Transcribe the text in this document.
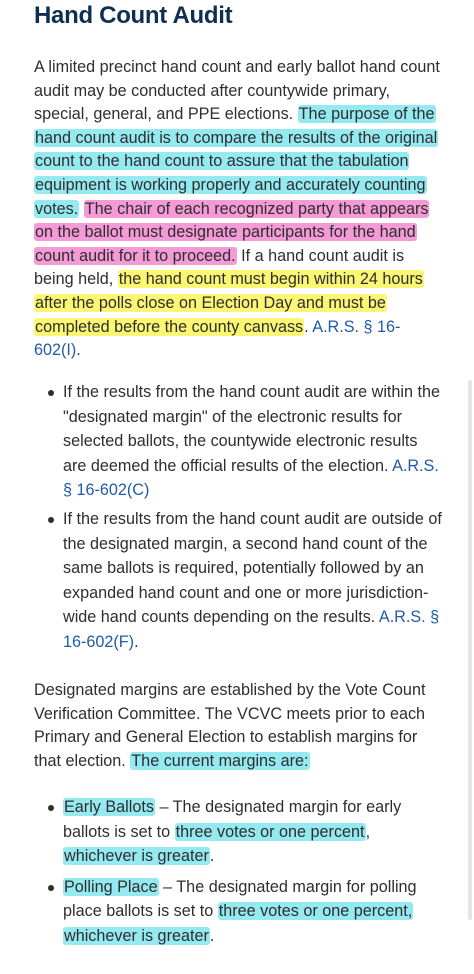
Hand Count Audit

A limited precinct hand count and early ballot hand count audit may be conducted after countywide primary, special, general, and PPE elections. The purpose of the hand count audit is to compare the results of the original count to the hand count to assure that the tabulation equipment is working properly and accurately counting votes. The chair of each recognized party that appears on the ballot must designate participants for the hand count audit for it to proceed. If a hand count audit is being held, the hand count must begin within 24 hours after the polls close on Election Day and must be completed before the county canvass. A.R.S. § 16-602(I).

If the results from the hand count audit are within the "designated margin" of the electronic results for selected ballots, the countywide electronic results are deemed the official results of the election. A.R.S. § 16-602(C)
If the results from the hand count audit are outside of the designated margin, a second hand count of the same ballots is required, potentially followed by an expanded hand count and one or more jurisdiction-wide hand counts depending on the results. A.R.S. § 16-602(F).

Designated margins are established by the Vote Count Verification Committee. The VCVC meets prior to each Primary and General Election to establish margins for that election. The current margins are:

Early Ballots – The designated margin for early ballots is set to three votes or one percent, whichever is greater.
Polling Place – The designated margin for polling place ballots is set to three votes or one percent, whichever is greater.
